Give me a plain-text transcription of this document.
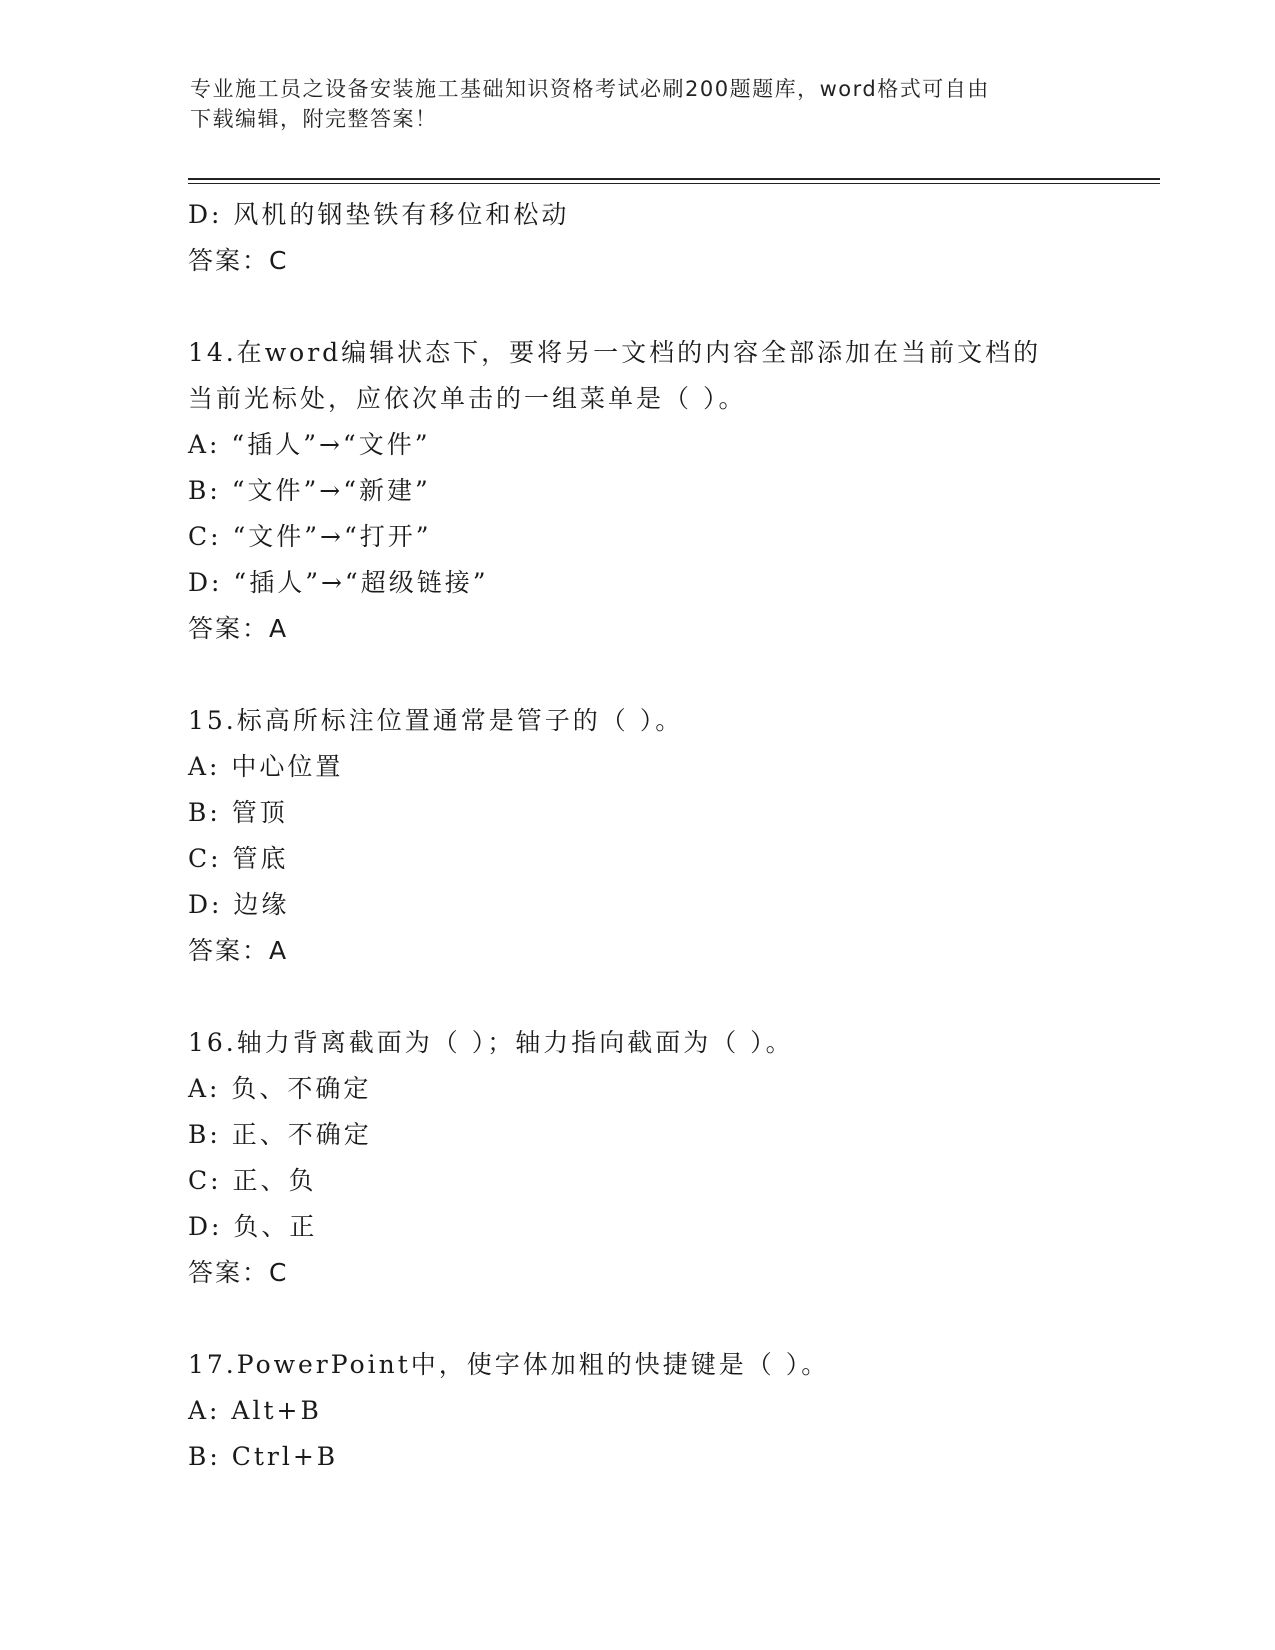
专业施工员之设备安装施工基础知识资格考试必刷200题题库，word格式可自由
下载编辑，附完整答案！
D: 风机的钢垫铁有移位和松动
答案：C
14.在word编辑状态下，要将另一文档的内容全部添加在当前文档的
当前光标处，应依次单击的一组菜单是（ ）。
A: “插人”→“文件”
B: “文件”→“新建”
C: “文件”→“打开”
D: “插人”→“超级链接”
答案：A
15.标高所标注位置通常是管子的（ ）。
A: 中心位置
B: 管顶
C: 管底
D: 边缘
答案：A
16.轴力背离截面为（ ）；轴力指向截面为（ ）。
A: 负、不确定
B: 正、不确定
C: 正、负
D: 负、正
答案：C
17.PowerPoint中，使字体加粗的快捷键是（ ）。
A: Alt+B
B: Ctrl+B
